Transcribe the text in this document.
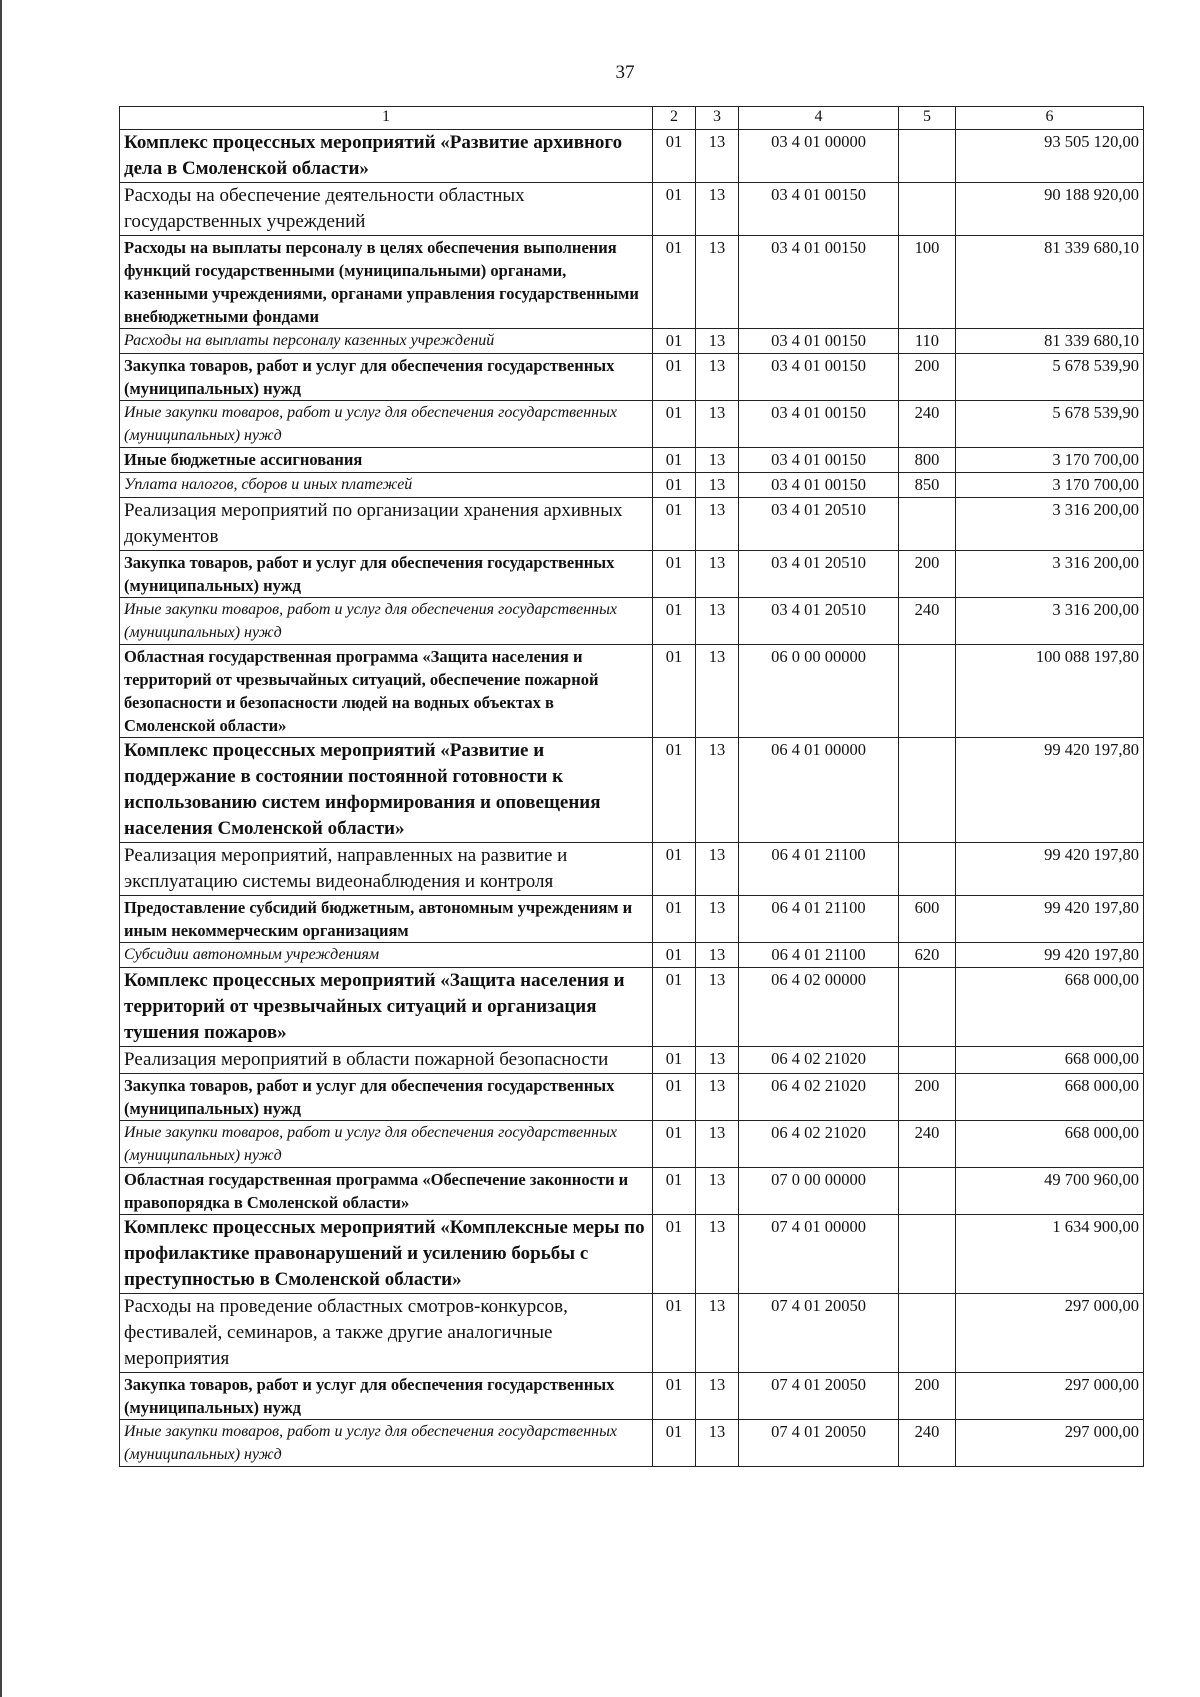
37
1	2	3	4	5	6
Комплекс процессных мероприятий «Развитие архивного дела в Смоленской области»	01	13	03 4 01 00000		93 505 120,00
Расходы на обеспечение деятельности областных государственных учреждений	01	13	03 4 01 00150		90 188 920,00
Расходы на выплаты персоналу в целях обеспечения выполнения функций государственными (муниципальными) органами, казенными учреждениями, органами управления государственными внебюджетными фондами	01	13	03 4 01 00150	100	81 339 680,10
Расходы на выплаты персоналу казенных учреждений	01	13	03 4 01 00150	110	81 339 680,10
Закупка товаров, работ и услуг для обеспечения государственных (муниципальных) нужд	01	13	03 4 01 00150	200	5 678 539,90
Иные закупки товаров, работ и услуг для обеспечения государственных (муниципальных) нужд	01	13	03 4 01 00150	240	5 678 539,90
Иные бюджетные ассигнования	01	13	03 4 01 00150	800	3 170 700,00
Уплата налогов, сборов и иных платежей	01	13	03 4 01 00150	850	3 170 700,00
Реализация мероприятий по организации хранения архивных документов	01	13	03 4 01 20510		3 316 200,00
Закупка товаров, работ и услуг для обеспечения государственных (муниципальных) нужд	01	13	03 4 01 20510	200	3 316 200,00
Иные закупки товаров, работ и услуг для обеспечения государственных (муниципальных) нужд	01	13	03 4 01 20510	240	3 316 200,00
Областная государственная программа «Защита населения и территорий от чрезвычайных ситуаций, обеспечение пожарной безопасности и безопасности людей на водных объектах в Смоленской области»	01	13	06 0 00 00000		100 088 197,80
Комплекс процессных мероприятий «Развитие и поддержание в состоянии постоянной готовности к использованию систем информирования и оповещения населения Смоленской области»	01	13	06 4 01 00000		99 420 197,80
Реализация мероприятий, направленных на развитие и эксплуатацию системы видеонаблюдения и контроля	01	13	06 4 01 21100		99 420 197,80
Предоставление субсидий бюджетным, автономным учреждениям и иным некоммерческим организациям	01	13	06 4 01 21100	600	99 420 197,80
Субсидии автономным учреждениям	01	13	06 4 01 21100	620	99 420 197,80
Комплекс процессных мероприятий «Защита населения и территорий от чрезвычайных ситуаций и организация тушения пожаров»	01	13	06 4 02 00000		668 000,00
Реализация мероприятий в области пожарной безопасности	01	13	06 4 02 21020		668 000,00
Закупка товаров, работ и услуг для обеспечения государственных (муниципальных) нужд	01	13	06 4 02 21020	200	668 000,00
Иные закупки товаров, работ и услуг для обеспечения государственных (муниципальных) нужд	01	13	06 4 02 21020	240	668 000,00
Областная государственная программа «Обеспечение законности и правопорядка в Смоленской области»	01	13	07 0 00 00000		49 700 960,00
Комплекс процессных мероприятий «Комплексные меры по профилактике правонарушений и усилению борьбы с преступностью в Смоленской области»	01	13	07 4 01 00000		1 634 900,00
Расходы на проведение областных смотров-конкурсов, фестивалей, семинаров, а также другие аналогичные мероприятия	01	13	07 4 01 20050		297 000,00
Закупка товаров, работ и услуг для обеспечения государственных (муниципальных) нужд	01	13	07 4 01 20050	200	297 000,00
Иные закупки товаров, работ и услуг для обеспечения государственных (муниципальных) нужд	01	13	07 4 01 20050	240	297 000,00
